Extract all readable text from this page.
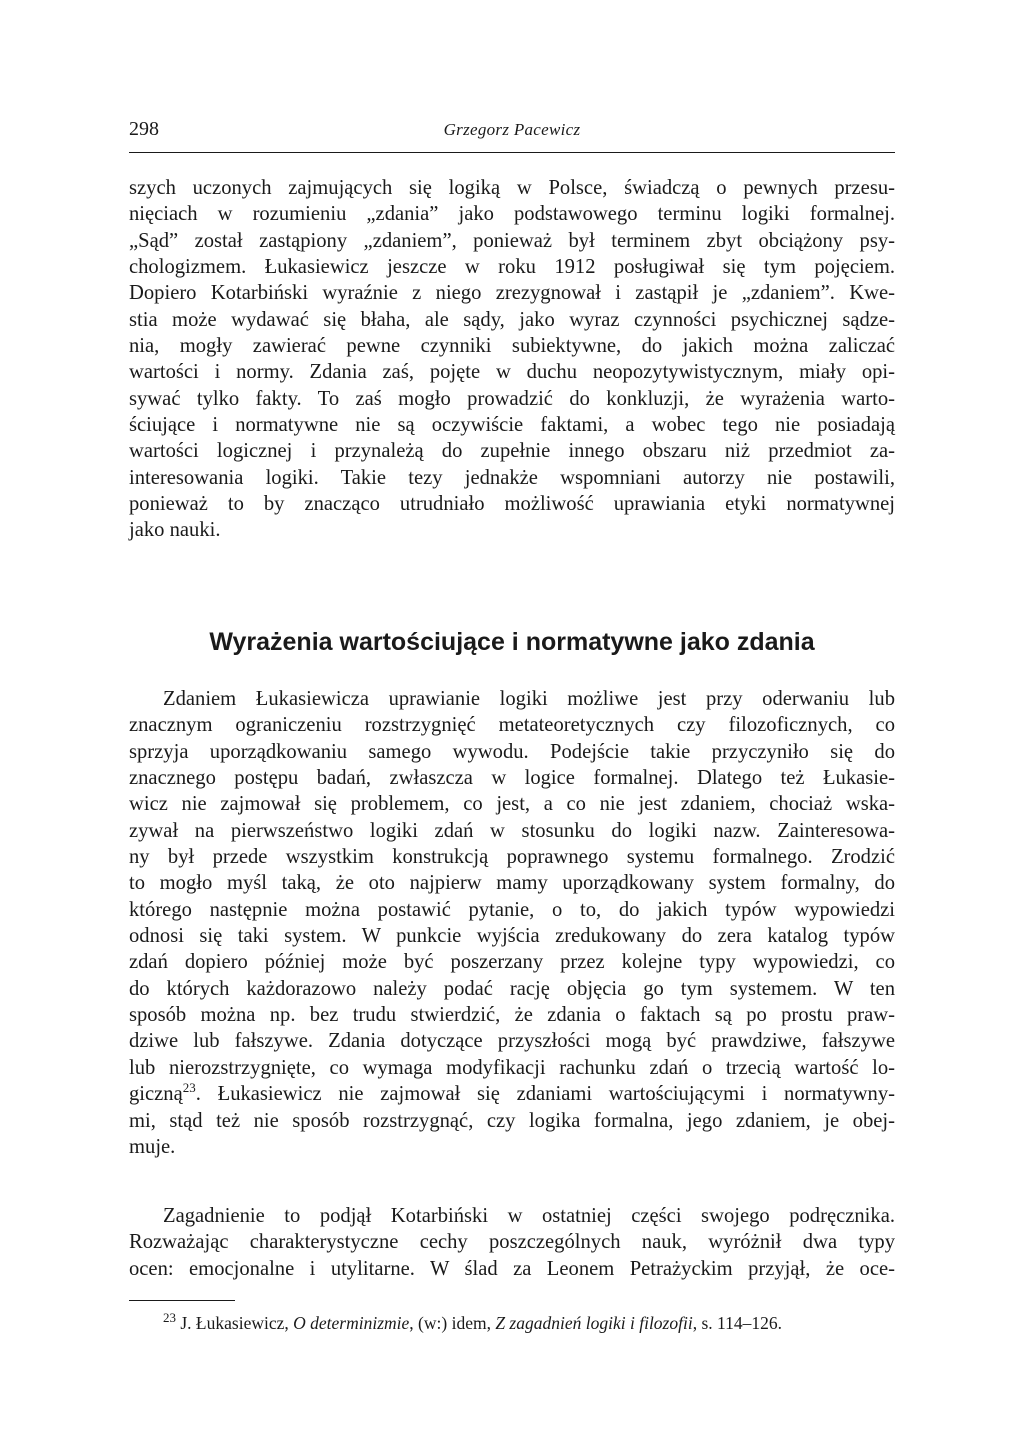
298	Grzegorz Pacewicz
szych uczonych zajmujących się logiką w Polsce, świadczą o pewnych przesu-
nięciach w rozumieniu „zdania” jako podstawowego terminu logiki formalnej.
„Sąd” został zastąpiony „zdaniem”, ponieważ był terminem zbyt obciążony psy-
chologizmem. Łukasiewicz jeszcze w roku 1912 posługiwał się tym pojęciem.
Dopiero Kotarbiński wyraźnie z niego zrezygnował i zastąpił je „zdaniem”. Kwe-
stia może wydawać się błaha, ale sądy, jako wyraz czynności psychicznej sądze-
nia, mogły zawierać pewne czynniki subiektywne, do jakich można zaliczać
wartości i normy. Zdania zaś, pojęte w duchu neopozytywistycznym, miały opi-
sywać tylko fakty. To zaś mogło prowadzić do konkluzji, że wyrażenia warto-
ściujące i normatywne nie są oczywiście faktami, a wobec tego nie posiadają
wartości logicznej i przynależą do zupełnie innego obszaru niż przedmiot za-
interesowania logiki. Takie tezy jednakże wspomniani autorzy nie postawili,
ponieważ to by znacząco utrudniało możliwość uprawiania etyki normatywnej
jako nauki.
Wyrażenia wartościujące i normatywne jako zdania
Zdaniem Łukasiewicza uprawianie logiki możliwe jest przy oderwaniu lub
znacznym ograniczeniu rozstrzygnięć metateoretycznych czy filozoficznych, co
sprzyja uporządkowaniu samego wywodu. Podejście takie przyczyniło się do
znacznego postępu badań, zwłaszcza w logice formalnej. Dlatego też Łukasie-
wicz nie zajmował się problemem, co jest, a co nie jest zdaniem, chociaż wska-
zywał na pierwszeństwo logiki zdań w stosunku do logiki nazw. Zainteresowa-
ny był przede wszystkim konstrukcją poprawnego systemu formalnego. Zrodzić
to mogło myśl taką, że oto najpierw mamy uporządkowany system formalny, do
którego następnie można postawić pytanie, o to, do jakich typów wypowiedzi
odnosi się taki system. W punkcie wyjścia zredukowany do zera katalog typów
zdań dopiero później może być poszerzany przez kolejne typy wypowiedzi, co
do których każdorazowo należy podać rację objęcia go tym systemem. W ten
sposób można np. bez trudu stwierdzić, że zdania o faktach są po prostu praw-
dziwe lub fałszywe. Zdania dotyczące przyszłości mogą być prawdziwe, fałszywe
lub nierozstrzygnięte, co wymaga modyfikacji rachunku zdań o trzecią wartość lo-
giczną$^{23}$. Łukasiewicz nie zajmował się zdaniami wartościującymi i normatywny-
mi, stąd też nie sposób rozstrzygnąć, czy logika formalna, jego zdaniem, je obej-
muje.
Zagadnienie to podjął Kotarbiński w ostatniej części swojego podręcznika.
Rozważając charakterystyczne cechy poszczególnych nauk, wyróżnił dwa typy
ocen: emocjonalne i utylitarne. W ślad za Leonem Petrażyckim przyjął, że oce-

$^{23}$ J. Łukasiewicz, O determinizmie, (w:) idem, Z zagadnień logiki i filozofii, s. 114–126.
